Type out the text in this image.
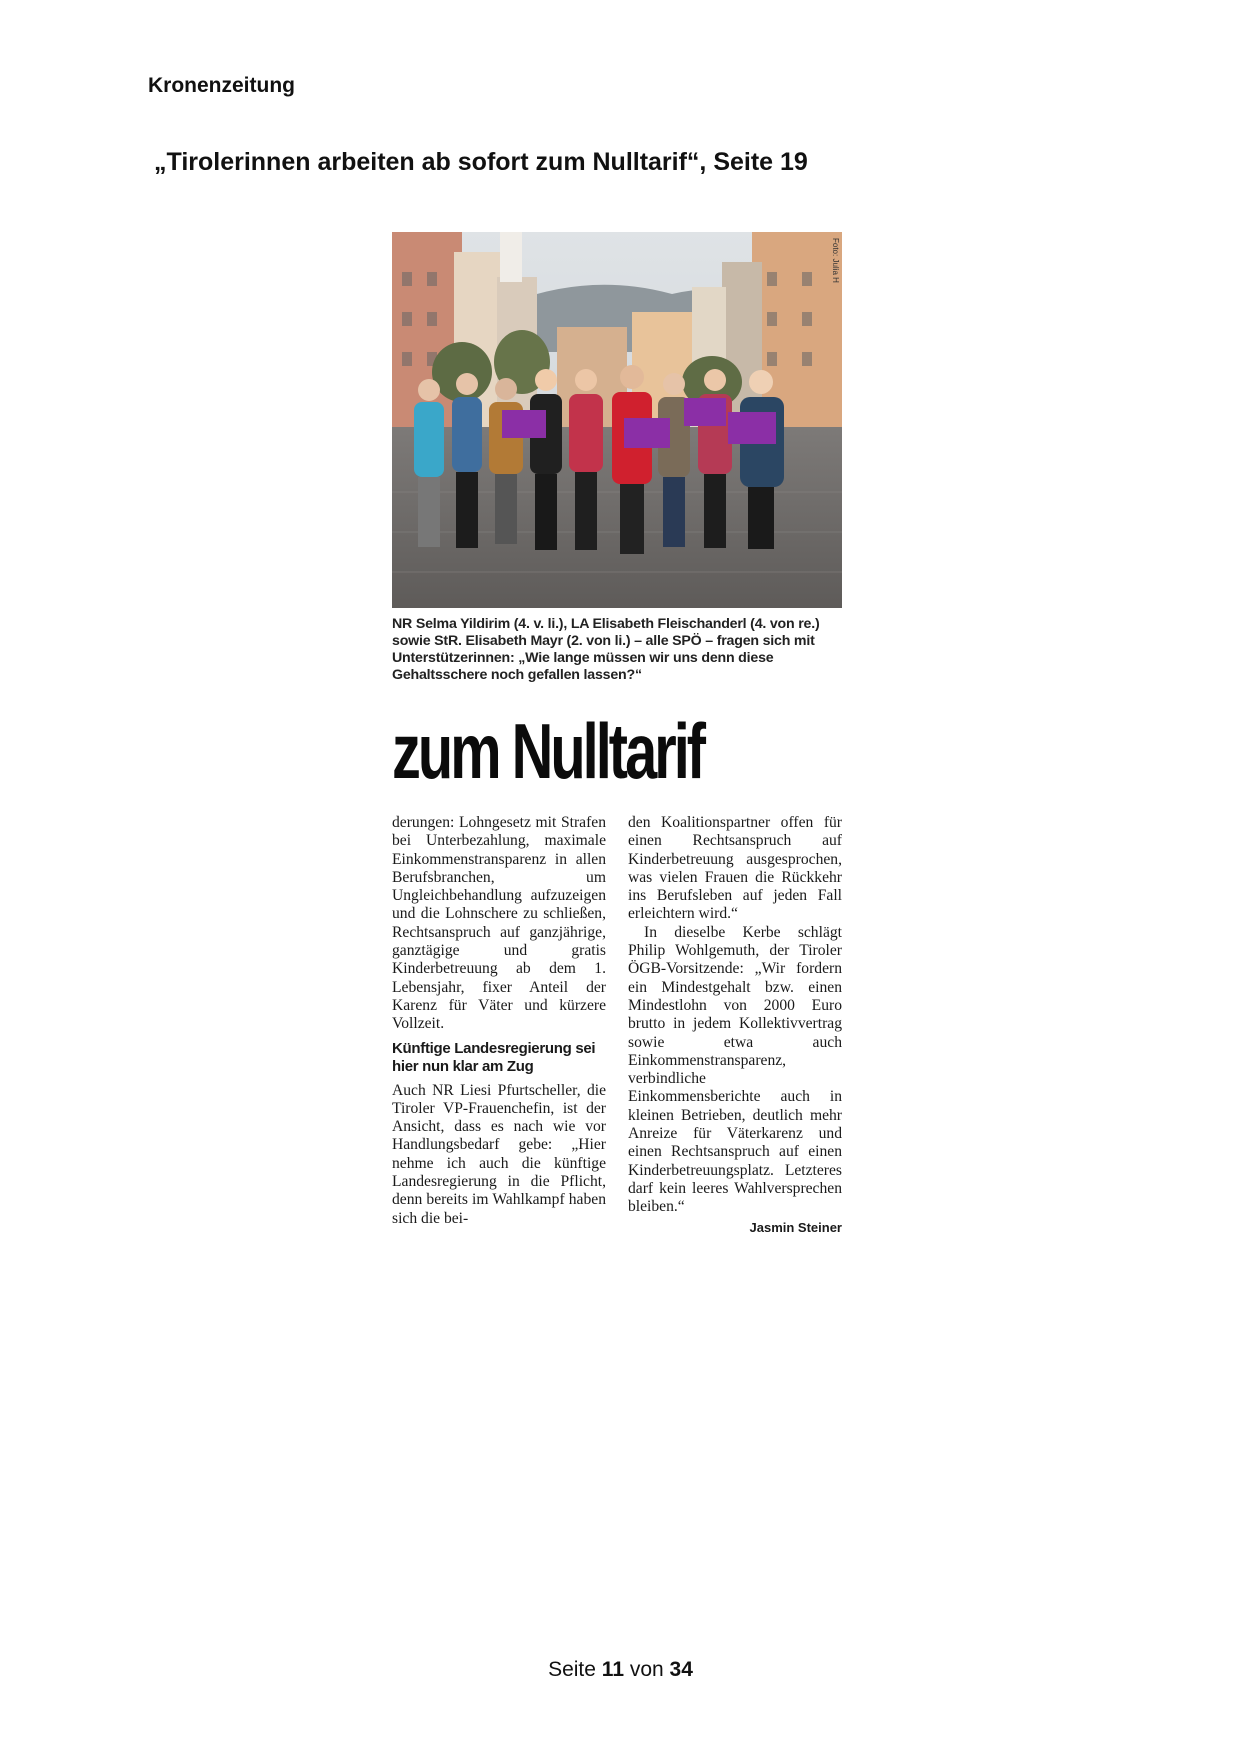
Kronenzeitung
„Tirolerinnen arbeiten ab sofort zum Nulltarif“, Seite 19
Foto: Julia H
NR Selma Yildirim (4. v. li.), LA Elisabeth Fleischanderl (4. von re.) sowie StR. Elisabeth Mayr (2. von li.) – alle SPÖ – fragen sich mit Unterstützerinnen: „Wie lange müssen wir uns denn diese Gehaltsschere noch gefallen lassen?“
zum Nulltarif

derungen: Lohngesetz mit Strafen bei Unterbezahlung, maximale Einkommenstransparenz in allen Berufsbranchen, um Ungleichbehandlung aufzuzeigen und die Lohnschere zu schließen, Rechtsanspruch auf ganzjährige, ganztägige und gratis Kinderbetreuung ab dem 1. Lebensjahr, fixer Anteil der Karenz für Väter und kürzere Vollzeit.

Künftige Landesregierung sei hier nun klar am Zug

Auch NR Liesi Pfurtscheller, die Tiroler VP-Frauenchefin, ist der Ansicht, dass es nach wie vor Handlungsbedarf gebe: „Hier nehme ich auch die künftige Landesregierung in die Pflicht, denn bereits im Wahlkampf haben sich die bei-

den Koalitionspartner offen für einen Rechtsanspruch auf Kinderbetreuung ausgesprochen, was vielen Frauen die Rückkehr ins Berufsleben auf jeden Fall erleichtern wird.“

In dieselbe Kerbe schlägt Philip Wohlgemuth, der Tiroler ÖGB-Vorsitzende: „Wir fordern ein Mindestgehalt bzw. einen Mindestlohn von 2000 Euro brutto in jedem Kollektivvertrag sowie etwa auch Einkommenstransparenz, verbindliche Einkommensberichte auch in kleinen Betrieben, deutlich mehr Anreize für Väterkarenz und einen Rechtsanspruch auf einen Kinderbetreuungsplatz. Letzteres darf kein leeres Wahlversprechen bleiben.“

Jasmin Steiner
Seite 11 von 34
